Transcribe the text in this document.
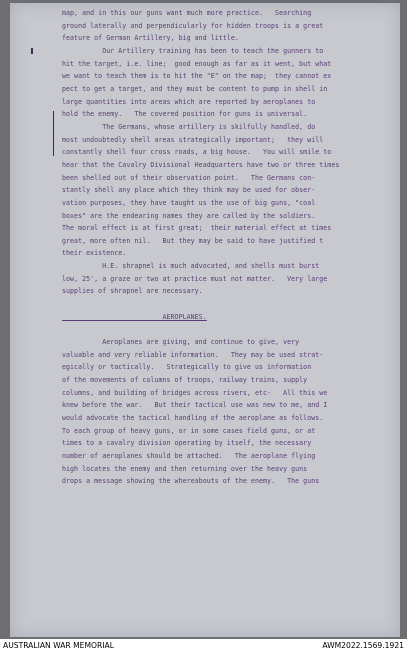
map, and in this our guns want much more practice.   Searching

ground laterally and perpendicularly for hidden troops is a great

feature of German Artillery, big and little.

Our Artillery training has been to teach the gunners to

hit the target, i.e. line;  good enough as far as it went, but what

we want to teach them is to hit the "E" on the map;  they cannot ex

pect to get a target, and they must be content to pump in shell in

large quantities into areas which are reported by aeroplanes to

hold the enemy.   The covered position for guns is universal.

The Germans, whose artillery is skilfully handled, do

most undoubtedly shell areas strategically important;   they will

constantly shell four cross roads, a big house.   You will smile to

hear that the Cavalry Divisional Headquarters have two or three times

been shelled out of their observation point.   The Germans con-

stantly shell any place which they think may be used for obser-

vation purposes, they have taught us the use of big guns, "coal

boxes" are the endearing names they are called by the soldiers.

The moral effect is at first great;  their material effect at times

great, more often nil.   But they may be said to have justified t

their existence.

H.E. shrapnel is much advocated, and shells must burst

low, 25', a graze or two at practice must not matter.   Very large

supplies of shrapnel are necessary.

AEROPLANES.

Aeroplanes are giving, and continue to give, very

valuable and very reliable information.   They may be used strat-

egically or tactically.   Strategically to give us information

of the movements of columns of troops, railway trains, supply

columns, and building of bridges across rivers, etc-   All this we

knew before the war.   But their tactical use was new to me, and I

would advocate the tactical handling of the aeroplane as follows.

To each group of heavy guns, or in some cases field guns, or at

times to a cavalry division operating by itself, the necessary

number of aeroplanes should be attached.   The aeroplane flying

high locates the enemy and then returning over the heavy guns

drops a message showing the whereabouts of the enemy.   The guns

AUSTRALIAN WAR MEMORIAL	AWM2022.1569.1921
